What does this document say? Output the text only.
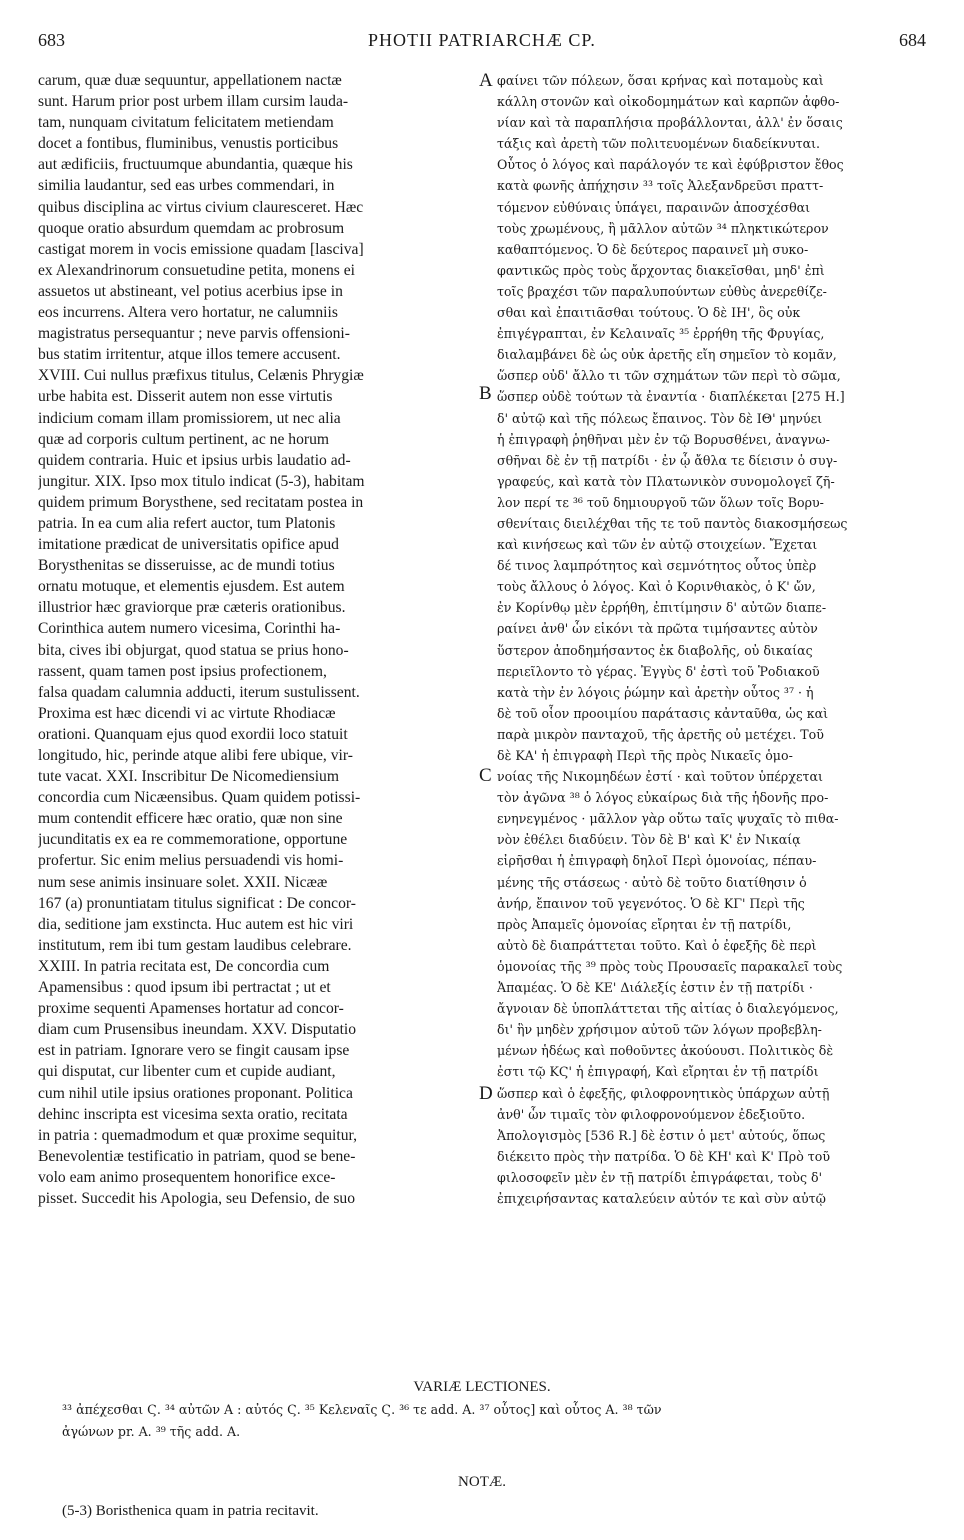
683	PHOTII PATRIARCHÆ CP.	684
carum, quæ duæ sequuntur, appellationem nactæ
sunt. Harum prior post urbem illam cursim lauda-
tam, nunquam civitatum felicitatem metiendam
docet a fontibus, fluminibus, venustis porticibus
aut ædificiis, fructuumque abundantia, quæque his
similia laudantur, sed eas urbes commendari, in
quibus disciplina ac virtus civium clauresceret. Hæc
quoque oratio absurdum quemdam ac probrosum
castigat morem in vocis emissione quadam [lasciva]
ex Alexandrinorum consuetudine petita, monens ei
assuetos ut abstineant, vel potius acerbius ipse in
eos incurrens. Altera vero hortatur, ne calumniis
magistratus persequantur ; neve parvis offensioni-
bus statim irritentur, atque illos temere accusent.
XVIII. Cui nullus præfixus titulus, Celænis Phrygiæ
urbe habita est. Disserit autem non esse virtutis
indicium comam illam promissiorem, ut nec alia
quæ ad corporis cultum pertinent, ac ne horum
quidem contraria. Huic et ipsius urbis laudatio ad-
jungitur. XIX. Ipso mox titulo indicat (5-3), habitam
quidem primum Borysthene, sed recitatam postea in
patria. In ea cum alia refert auctor, tum Platonis
imitatione prædicat de universitatis opifice apud
Borysthenitas se disseruisse, ac de mundi totius
ornatu motuque, et elementis ejusdem. Est autem
illustrior hæc graviorque præ cæteris orationibus.
Corinthica autem numero vicesima, Corinthi ha-
bita, cives ibi objurgat, quod statua se prius hono-
rassent, quam tamen post ipsius profectionem,
falsa quadam calumnia adducti, iterum sustulissent.
Proxima est hæc dicendi vi ac virtute Rhodiacæ
orationi. Quanquam ejus quod exordii loco statuit
longitudo, hic, perinde atque alibi fere ubique, vir-
tute vacat. XXI. Inscribitur De Nicomediensium
concordia cum Nicæensibus. Quam quidem potissi-
mum contendit efficere hæc oratio, quæ non sine
jucunditatis ex ea re commemoratione, opportune
profertur. Sic enim melius persuadendi vis homi-
num sese animis insinuare solet. XXII. Nicææ
167 (a) pronuntiatam titulus significat : De concor-
dia, seditione jam exstincta. Huc autem est hic viri
institutum, rem ibi tum gestam laudibus celebrare.
XXIII. In patria recitata est, De concordia cum
Apamensibus : quod ipsum ibi pertractat ; ut et
proxime sequenti Apamenses hortatur ad concor-
diam cum Prusensibus ineundam. XXV. Disputatio
est in patriam. Ignorare vero se fingit causam ipse
qui disputat, cur libenter cum et cupide audiant,
cum nihil utile ipsius orationes proponant. Politica
dehinc inscripta est vicesima sexta oratio, recitata
in patria : quemadmodum et quæ proxime sequitur,
Benevolentiæ testificatio in patriam, quod se bene-
volo eam animo prosequentem honorifice exce-
pisset. Succedit his Apologia, seu Defensio, de suo
φαίνει τῶν πόλεων, ὅσαι κρήνας καὶ ποταμοὺς καὶ
κάλλη στονῶν καὶ οἰκοδομημάτων καὶ καρπῶν ἀφθο-
νίαν καὶ τὰ παραπλήσια προβάλλονται, ἀλλ' ἐν ὅσαις
τάξις καὶ ἀρετὴ τῶν πολιτευομένων διαδείκνυται.
Οὗτος ὁ λόγος καὶ παράλογόν τε καὶ ἐφύβριστον ἔθος
κατὰ φωνῆς ἀπήχησιν ³³ τοῖς Ἀλεξανδρεῦσι πραττ-
τόμενον εὐθύναις ὑπάγει, παραινῶν ἀποσχέσθαι
τοὺς χρωμένους, ἢ μᾶλλον αὐτῶν ³⁴ πληκτικώτερον
καθαπτόμενος. Ὁ δὲ δεύτερος παραινεῖ μὴ συκο-
φαντικῶς πρὸς τοὺς ἄρχοντας διακεῖσθαι, μηδ' ἐπὶ
τοῖς βραχέσι τῶν παραλυπούντων εὐθὺς ἀνερεθίζε-
σθαι καὶ ἐπαιτιᾶσθαι τούτους. Ὁ δὲ ΙΗ', ὃς οὐκ
ἐπιγέγραπται, ἐν Κελαιναῖς ³⁵ ἐρρήθη τῆς Φρυγίας,
διαλαμβάνει δὲ ὡς οὐκ ἀρετῆς εἴη σημεῖον τὸ κομᾶν,
ὥσπερ οὐδ' ἄλλο τι τῶν σχημάτων τῶν περὶ τὸ σῶμα,
ὥσπερ οὐδὲ τούτων τὰ ἐναντία · διαπλέκεται [275 H.]
δ' αὐτῷ καὶ τῆς πόλεως ἔπαινος. Τὸν δὲ ΙΘ' μηνύει
ἡ ἐπιγραφὴ ῥηθῆναι μὲν ἐν τῷ Βορυσθένει, ἀναγνω-
σθῆναι δὲ ἐν τῇ πατρίδι · ἐν ᾧ ἄθλα τε δίεισιν ὁ συγ-
γραφεύς, καὶ κατὰ τὸν Πλατωνικὸν συνομολογεῖ ζῆ-
λον περί τε ³⁶ τοῦ δημιουργοῦ τῶν ὅλων τοῖς Βορυ-
σθενίταις διειλέχθαι τῆς τε τοῦ παντὸς διακοσμήσεως
καὶ κινήσεως καὶ τῶν ἐν αὐτῷ στοιχείων. Ἔχεται
δέ τινος λαμπρότητος καὶ σεμνότητος οὗτος ὑπὲρ
τοὺς ἄλλους ὁ λόγος. Καὶ ὁ Κορινθιακὸς, ὁ Κ' ὤν,
ἐν Κορίνθῳ μὲν ἐρρήθη, ἐπιτίμησιν δ' αὐτῶν διαπε-
ραίνει ἀνθ' ὧν εἰκόνι τὰ πρῶτα τιμήσαντες αὐτὸν
ὕστερον ἀποδημήσαντος ἐκ διαβολῆς, οὐ δικαίας
περιεῖλοντο τὸ γέρας. Ἐγγὺς δ' ἐστὶ τοῦ Ῥοδιακοῦ
κατὰ τὴν ἐν λόγοις ῥώμην καὶ ἀρετὴν οὗτος ³⁷ · ἡ
δὲ τοῦ οἷον προοιμίου παράτασις κἀνταῦθα, ὡς καὶ
παρὰ μικρὸν πανταχοῦ, τῆς ἀρετῆς οὐ μετέχει. Τοῦ
δὲ ΚΑ' ἡ ἐπιγραφὴ Περὶ τῆς πρὸς Νικαεῖς ὁμο-
νοίας τῆς Νικομηδέων ἐστί · καὶ τοῦτον ὑπέρχεται
τὸν ἀγῶνα ³⁸ ὁ λόγος εὐκαίρως διὰ τῆς ἡδονῆς προ-
ενηνεγμένος · μᾶλλον γὰρ οὕτω ταῖς ψυχαῖς τὸ πιθα-
νὸν ἐθέλει διαδύειν. Τὸν δὲ Β' καὶ Κ' ἐν Νικαίᾳ
εἰρῆσθαι ἡ ἐπιγραφὴ δηλοῖ Περὶ ὁμονοίας, πέπαυ-
μένης τῆς στάσεως · αὐτὸ δὲ τοῦτο διατίθησιν ὁ
ἀνήρ, ἔπαινον τοῦ γεγενότος. Ὁ δὲ ΚΓ' Περὶ τῆς
πρὸς Ἀπαμεῖς ὁμονοίας εἴρηται ἐν τῇ πατρίδι,
αὐτὸ δὲ διαπράττεται τοῦτο. Καὶ ὁ ἐφεξῆς δὲ περὶ
ὁμονοίας τῆς ³⁹ πρὸς τοὺς Προυσαεῖς παρακαλεῖ τοὺς
Ἀπαμέας. Ὁ δὲ ΚΕ' Διάλεξίς ἐστιν ἐν τῇ πατρίδι ·
ἄγνοιαν δὲ ὑποπλάττεται τῆς αἰτίας ὁ διαλεγόμενος,
δι' ἣν μηδὲν χρήσιμον αὐτοῦ τῶν λόγων προβεβλη-
μένων ἡδέως καὶ ποθοῦντες ἀκούουσι. Πολιτικὸς δὲ
ἐστι τῷ ΚϚ' ἡ ἐπιγραφή, Καὶ εἴρηται ἐν τῇ πατρίδι
ὥσπερ καὶ ὁ ἐφεξῆς, φιλοφρονητικὸς ὑπάρχων αὐτῇ
ἀνθ' ὧν τιμαῖς τὸν φιλοφρονούμενον ἐδεξιοῦτο.
Ἀπολογισμὸς [536 R.] δὲ ἐστιν ὁ μετ' αὐτούς, ὅπως
διέκειτο πρὸς τὴν πατρίδα. Ὁ δὲ ΚΗ' καὶ Κ' Πρὸ τοῦ
φιλοσοφεῖν μὲν ἐν τῇ πατρίδι ἐπιγράφεται, τοὺς δ'
ἐπιχειρήσαντας καταλεύειν αὐτόν τε καὶ σὺν αὐτῷ
A
B
C
D
VARIÆ LECTIONES.
³³ ἀπέχεσθαι Ϛ. ³⁴ αὐτῶν A : αὐτός Ϛ. ³⁵ Κελεναῖς Ϛ. ³⁶ τε add. A. ³⁷ οὗτος] καὶ οὗτος A. ³⁸ τῶν
ἀγώνων pr. A. ³⁹ τῆς add. A.
NOTÆ.
(5-3) Boristhenica quam in patria recitavit.
